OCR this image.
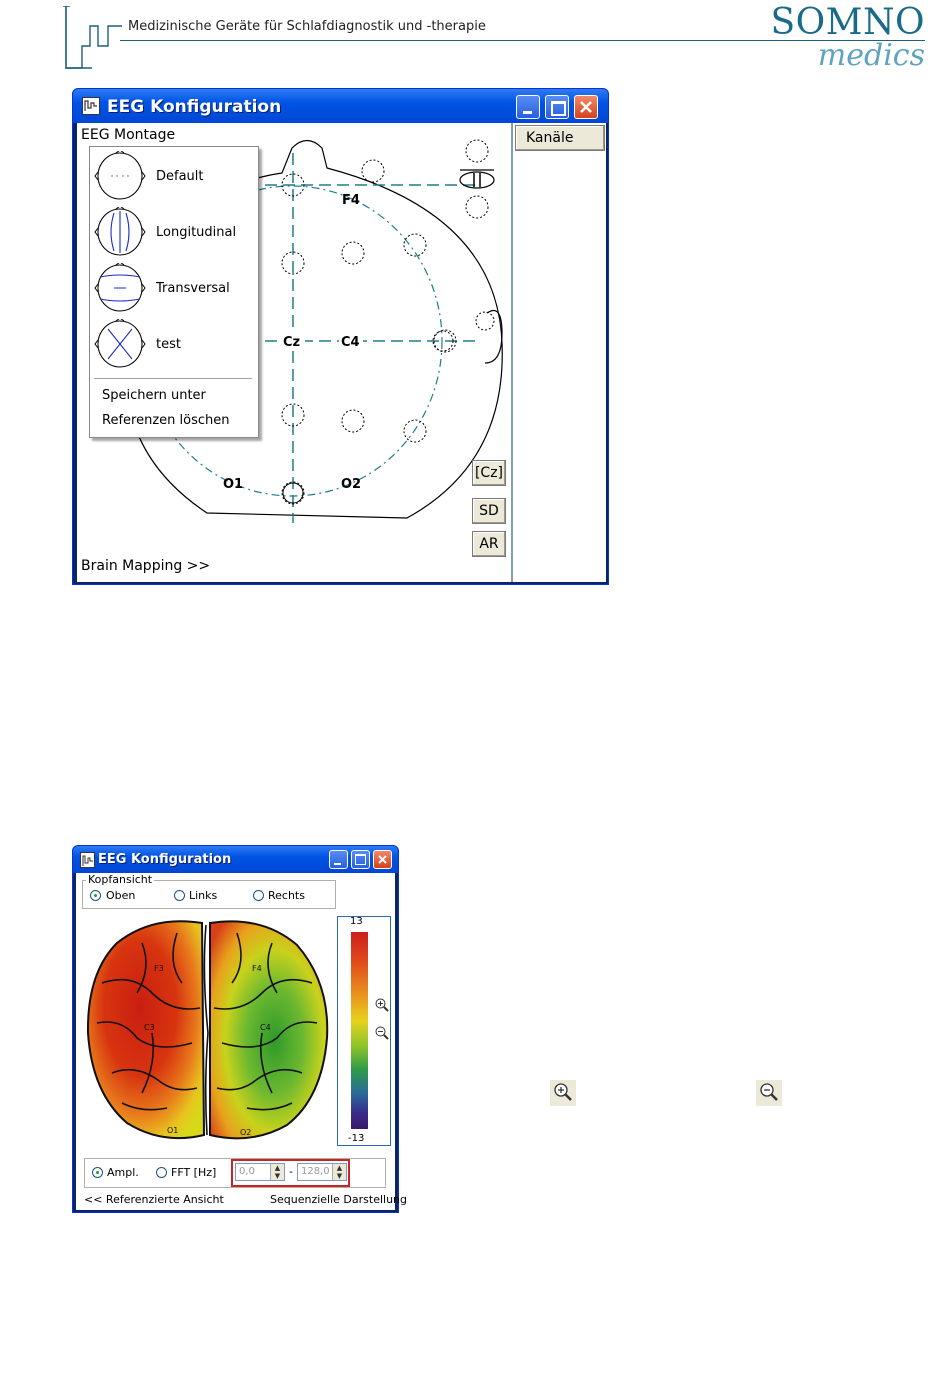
Medizinische Geräte für Schlafdiagnostik und -therapie	SOMNO
medics
EEG Konfiguration
F4
Cz	C4
O1	O2
EEG Montage
Default
Longitudinal
Transversal
test
Speichern unter
Referenzen löschen
[Cz]
SD
AR
Brain Mapping >>
Kanäle
EEG Konfiguration
Kopfansicht
Oben	Links	Rechts
F3	F4
C3	C4
O1	O2
13
-13
Ampl.	FFT [Hz] 0,0	▲
▼ - 128,0	▲
▼
<< Referenzierte Ansicht	Sequenzielle Darstellung
